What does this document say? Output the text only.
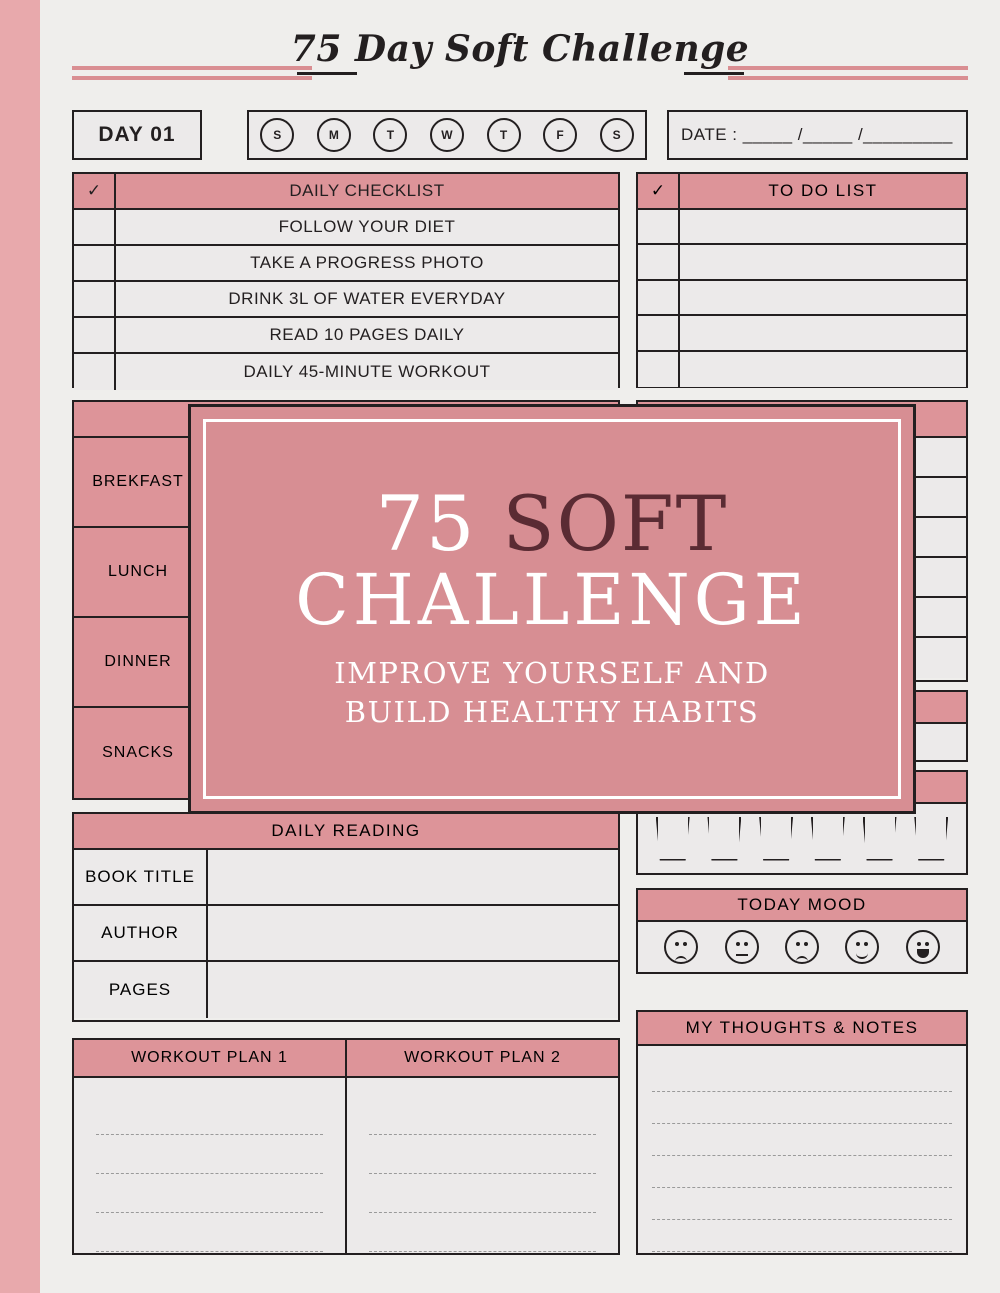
75 Day Soft Challenge
DAY 01	S	M	T	W	T	F	S	DATE : _____ /_____ /_________
✓	DAILY CHECKLIST
FOLLOW YOUR DIET
TAKE A PROGRESS PHOTO
DRINK 3L OF WATER EVERYDAY
READ 10 PAGES DAILY
DAILY 45-MINUTE WORKOUT
✓	TO DO LIST
BREKFAST
LUNCH
DINNER
SNACKS
DAILY READING
BOOK TITLE
AUTHOR
PAGES
TODAY MOOD
WORKOUT PLAN 1	WORKOUT PLAN 2
MY THOUGHTS & NOTES
75 SOFT
CHALLENGE
IMPROVE YOURSELF AND
BUILD HEALTHY HABITS
